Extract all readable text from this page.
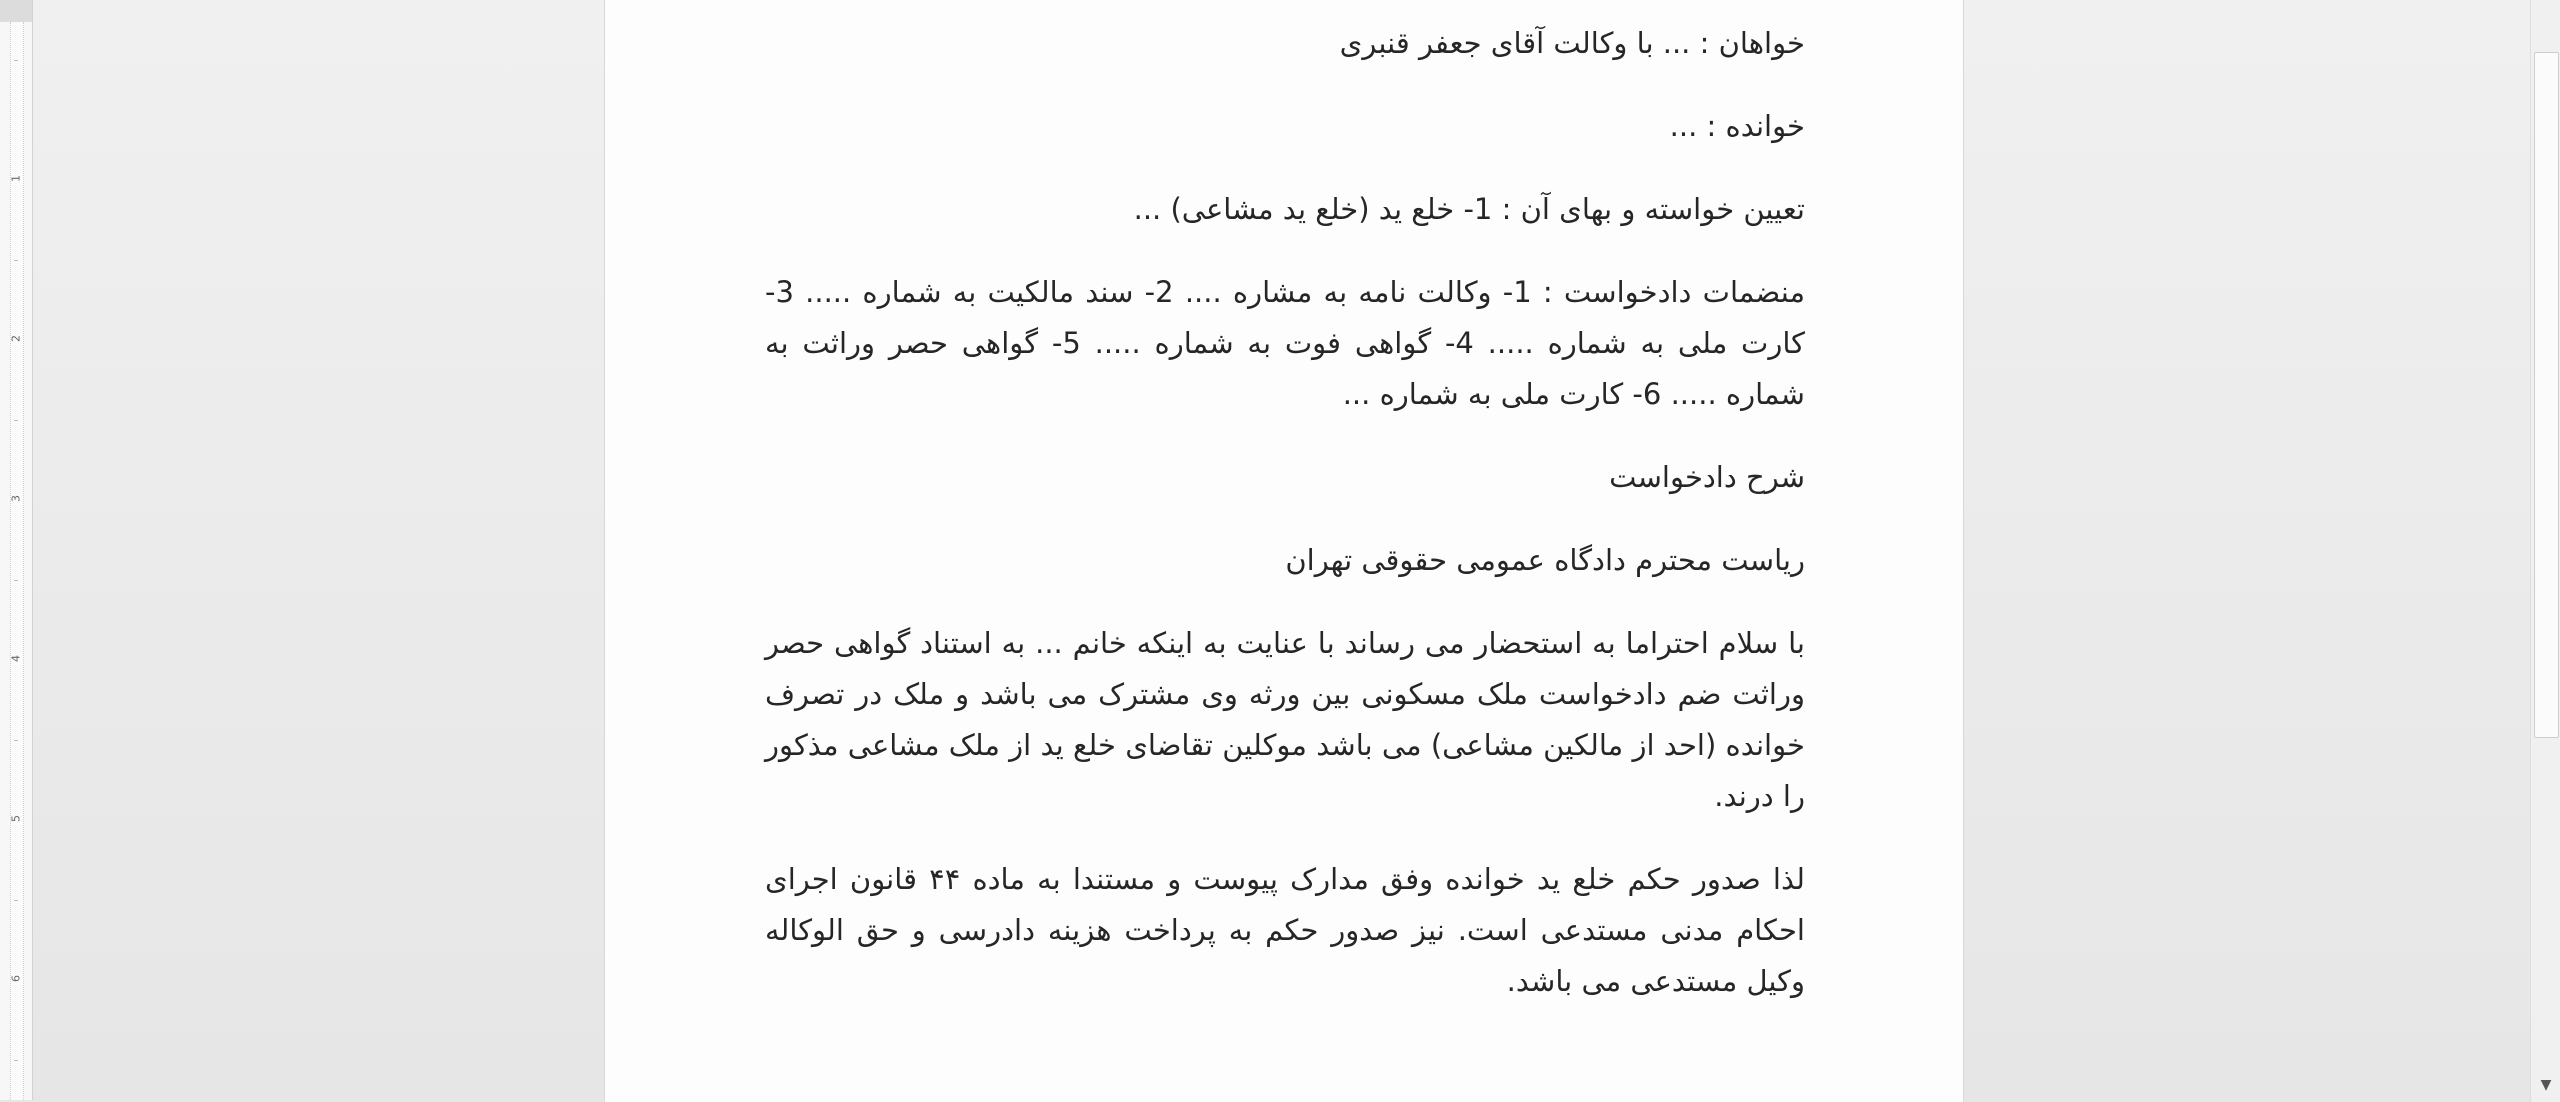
1
2
3
4
5
6

خواهان : ... با وکالت آقای جعفر قنبری

خوانده : ...

تعیین خواسته و بهای آن : 1- خلع ید (خلع ید مشاعی) ...

منضمات دادخواست : 1- وکالت نامه به مشاره .... 2- سند مالکیت به شماره ..... 3- کارت ملی به شماره ..... 4- گواهی فوت به شماره ..... 5- گواهی حصر وراثت به شماره ..... 6- کارت ملی به شماره ...

شرح دادخواست

ریاست محترم دادگاه عمومی حقوقی تهران

با سلام احتراما به استحضار می رساند با عنایت به اینکه خانم ... به استناد گواهی حصر وراثت ضم دادخواست ملک مسکونی بین ورثه وی مشترک می باشد و ملک در تصرف خوانده (احد از مالکین مشاعی) می باشد موکلین تقاضای خلع ید از ملک مشاعی مذکور را درند.

لذا صدور حکم خلع ید خوانده وفق مدارک پیوست و مستندا به ماده ۴۴ قانون اجرای احکام مدنی مستدعی است. نیز صدور حکم به پرداخت هزینه دادرسی و حق الوکاله وکیل مستدعی می باشد.

▼
